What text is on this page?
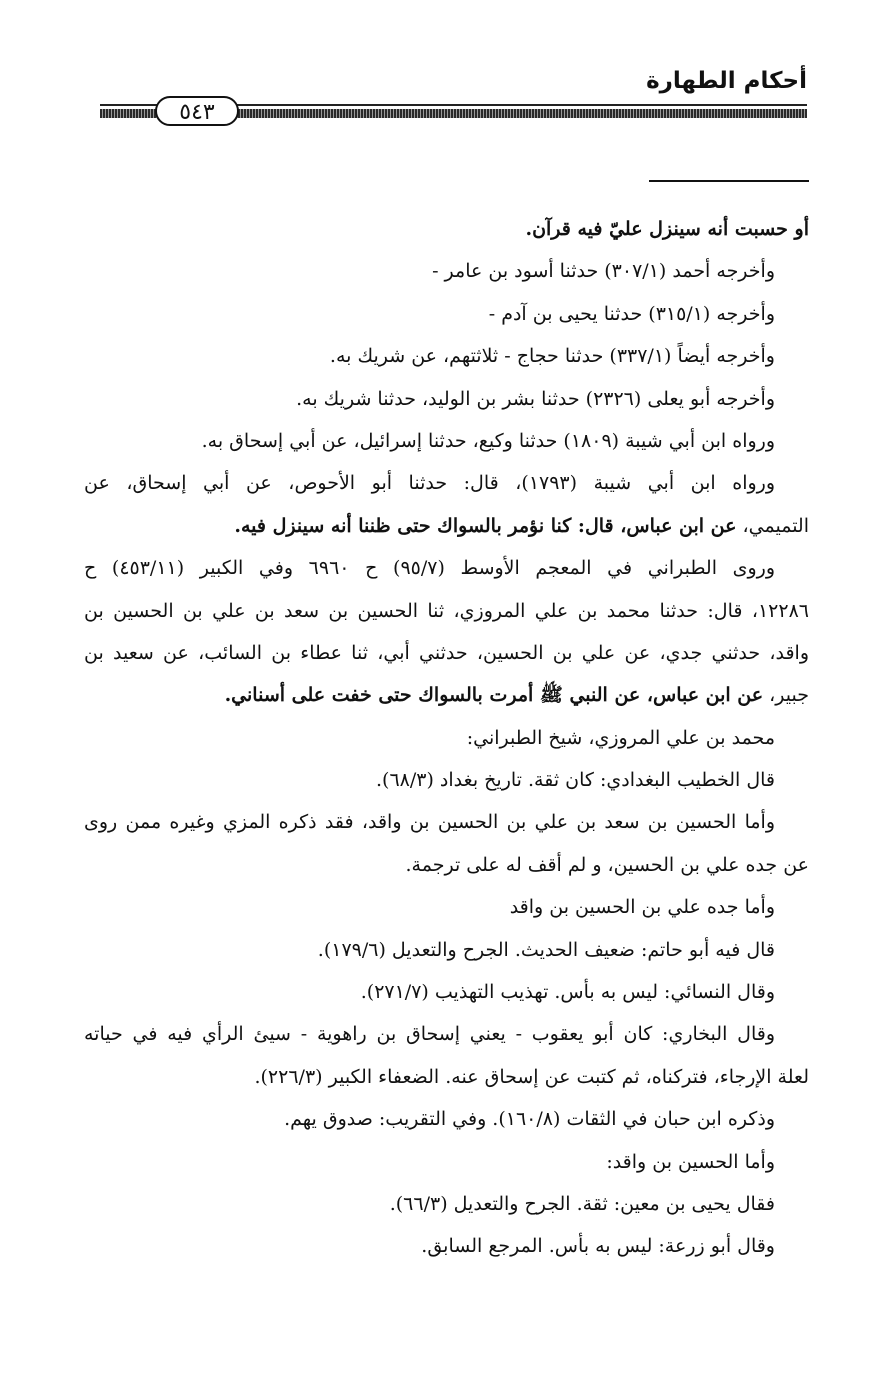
أحكام الطهارة
٥٤٣
أو حسبت أنه سينزل عليّ فيه قرآن.
وأخرجه أحمد (٣٠٧/١) حدثنا أسود بن عامر -
وأخرجه (٣١٥/١) حدثنا يحيى بن آدم -
وأخرجه أيضاً (٣٣٧/١) حدثنا حجاج - ثلاثتهم، عن شريك به.
وأخرجه أبو يعلى (٢٣٢٦) حدثنا بشر بن الوليد، حدثنا شريك به.
ورواه ابن أبي شيبة (١٨٠٩) حدثنا وكيع، حدثنا إسرائيل، عن أبي إسحاق به.
ورواه ابن أبي شيبة (١٧٩٣)، قال: حدثنا أبو الأحوص، عن أبي إسحاق، عن
التميمي، عن ابن عباس، قال: كنا نؤمر بالسواك حتى ظننا أنه سينزل فيه.
وروى الطبراني في المعجم الأوسط (٩٥/٧) ح ٦٩٦٠ وفي الكبير (٤٥٣/١١) ح
١٢٢٨٦، قال: حدثنا محمد بن علي المروزي، ثنا الحسين بن سعد بن علي بن الحسين بن
واقد، حدثني جدي، عن علي بن الحسين، حدثني أبي، ثنا عطاء بن السائب، عن سعيد بن
جبير، عن ابن عباس، عن النبي ﷺ أمرت بالسواك حتى خفت على أسناني.
محمد بن علي المروزي، شيخ الطبراني:
قال الخطيب البغدادي: كان ثقة. تاريخ بغداد (٦٨/٣).
وأما الحسين بن سعد بن علي بن الحسين بن واقد، فقد ذكره المزي وغيره ممن روى
عن جده علي بن الحسين، و لم أقف له على ترجمة.
وأما جده علي بن الحسين بن واقد
قال فيه أبو حاتم: ضعيف الحديث. الجرح والتعديل (١٧٩/٦).
وقال النسائي: ليس به بأس. تهذيب التهذيب (٢٧١/٧).
وقال البخاري: كان أبو يعقوب - يعني إسحاق بن راهوية - سيئ الرأي فيه في حياته
لعلة الإرجاء، فتركناه، ثم كتبت عن إسحاق عنه. الضعفاء الكبير (٢٢٦/٣).
وذكره ابن حبان في الثقات (١٦٠/٨). وفي التقريب: صدوق يهم.
وأما الحسين بن واقد:
فقال يحيى بن معين: ثقة. الجرح والتعديل (٦٦/٣).
وقال أبو زرعة: ليس به بأس. المرجع السابق.
